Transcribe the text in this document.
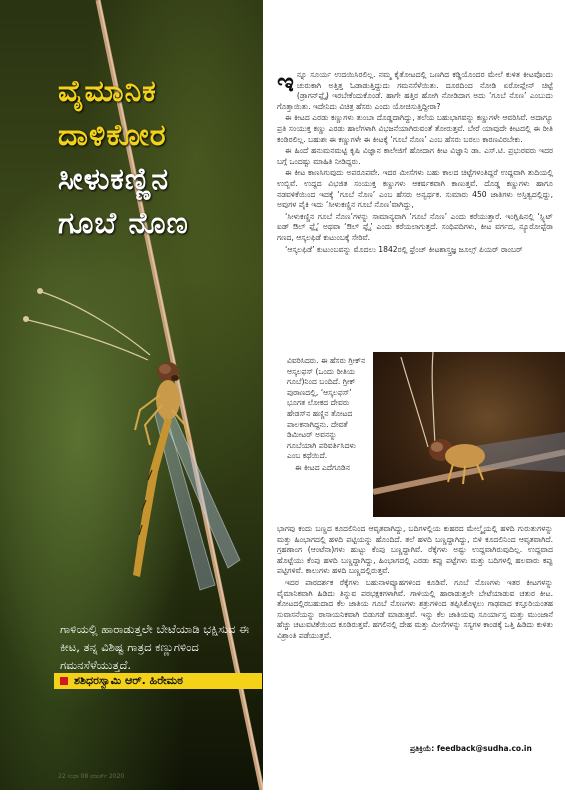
ವೈಮಾನಿಕ
ದಾಳಿಕೋರ
ಸೀಳುಕಣ್ಣಿನ
ಗೂಬೆ ನೊಣ
ಗಾಳಿಯಲ್ಲಿ ಹಾರಾಡುತ್ತಲೇ ಬೇಟೆಯಾಡಿ ಭಕ್ಷಿಸುವ ಈ ಕೀಟ, ತನ್ನ ವಿಶಿಷ್ಟ ಗಾತ್ರದ ಕಣ್ಣುಗಳಿಂದ ಗಮನಸೆಳೆಯುತ್ತದೆ.
ಶಶಿಧರಸ್ವಾಮಿ ಆರ್. ಹಿರೇಮಠ
22 ಸುಧಾ 08 ಮಾರ್ಚ್ 2020

ಇನ್ನೂ ಸೂರ್ಯ ಉದಯಿಸಿರಲಿಲ್ಲ. ನಮ್ಮ ಕೈತೋಟದಲ್ಲಿ ಒಣಗಿದ ಕಡ್ಡಿಯೊಂದರ ಮೇಲೆ ಕುಳಿತ ಕೀಟವೊಂದು ಚುರುಕಾಗಿ ಅತ್ತಿತ್ತ ಓಡಾಡುತ್ತಿದ್ದುದು ಗಮನಸೆಳೆಯಿತು. ದೂರದಿಂದ ನೋಡಿ ಏರೋಪ್ಲೇನ್ ಚಿಟ್ಟೆ (ಡ್ರಾಗನ್‌ಫ್ಲೈ) ಇರಬೇಕೆಂದುಕೊಂಡೆ. ಹಾಗೇ ಹತ್ತಿರ ಹೋಗಿ ನೋಡಿದಾಗ ಅದು ‘ಗೂಬೆ ನೊಣ’ ಎಂಬುದು ಗೊತ್ತಾಯಿತು. ಇದೇನಿದು ವಿಚಿತ್ರ ಹೆಸರು ಎಂದು ಯೋಚಿಸುತ್ತಿದ್ದೀರಾ?

ಈ ಕೀಟದ ಎರಡು ಕಣ್ಣುಗಳು ತುಂಬಾ ದೊಡ್ಡದಾಗಿದ್ದು, ತಲೆಯ ಬಹುಭಾಗವನ್ನು ಕಣ್ಣುಗಳೇ ಆವರಿಸಿವೆ. ಅದಾಗ್ಯೂ ಪ್ರತಿ ಸಂಯುಕ್ತ ಕಣ್ಣು ಎರಡು ಹಾಲೆಗಳಾಗಿ ವಿಭಜನೆಯಾಗಿರುವಂತೆ ತೋರುತ್ತವೆ. ಬೇರೆ ಯಾವುದೇ ಕೀಟದಲ್ಲಿ ಈ ರೀತಿ ಕಂಡಿರಲಿಲ್ಲ. ಬಹುಶಃ ಈ ಕಣ್ಣುಗಳೇ ಈ ಕೀಟಕ್ಕೆ ‘ಗೂಬೆ ನೊಣ’ ಎಂಬ ಹೆಸರು ಬರಲು ಕಾರಣವಿರಬೇಕು.

ಈ ಹಿಂದೆ ಹನುಮನಮಟ್ಟಿ ಕೃಷಿ ವಿಜ್ಞಾನ ಕಾಲೇಜಿಗೆ ಹೋದಾಗ ಕೀಟ ವಿಜ್ಞಾನಿ ಡಾ. ಎಸ್.ಟಿ. ಪ್ರಭುರವರು ಇದರ ಬಗ್ಗೆ ಒಂದಷ್ಟು ಮಾಹಿತಿ ನೀಡಿದ್ದರು.

ಈ ಕೀಟ ಕಾಣಸಿಗುವುದು ಅಪರೂಪವೇ. ಇದರ ಮೀಸೆಗಳು ಬಹು ಕಾಲದ ಚಿಟ್ಟೆಗಳಂತಿದ್ದರೆ ಉದ್ದವಾಗಿ ತುದಿಯಲ್ಲಿ ಉಬ್ಬಿವೆ. ಉದ್ದದ ವಿಭಜಿತ ಸಂಯುಕ್ತ ಕಣ್ಣುಗಳು ಆಕರ್ಷಕವಾಗಿ ಕಾಣುತ್ತವೆ. ದೊಡ್ಡ ಕಣ್ಣುಗಳು ಹಾಗೂ ನಡವಳಿಕೆಯಿಂದ ಇದಕ್ಕೆ ‘ಗೂಬೆ ನೊಣ’ ಎಂಬ ಹೆಸರು ಅನ್ವರ್ಥಕ. ಸುಮಾರು 450 ಜಾತಿಗಳು ಅಸ್ತಿತ್ವದಲ್ಲಿದ್ದು, ಅವುಗಳ ಪೈಕಿ ಇದು ‘ಸೀಳುಕಣ್ಣಿನ ಗೂಬೆ ನೊಣ’ವಾಗಿದ್ದು,

‘ಸೀಳುಕಣ್ಣಿನ ಗೂಬೆ ನೊಣ’ಗಳನ್ನು ಸಾಮಾನ್ಯವಾಗಿ ‘ಗೂಬೆ ನೊಣ’ ಎಂದು ಕರೆಯುತ್ತಾರೆ. ಇಂಗ್ಲಿಷಿನಲ್ಲಿ ‘ಸ್ಪ್ಲಿಟ್ ಐಡ್ ಔಲ್ ಫ್ಲೈ’ ಅಥವಾ ‘ಔಲ್ ಫ್ಲೈ’ ಎಂದು ಕರೆಯಲಾಗುತ್ತದೆ. ಸಂಧಿಪದಿಗಳು, ಕೀಟ ವರ್ಗದ, ನ್ಯೂರೋಪ್ಟೆರಾ ಗಣದ, ಆಸ್ಕಲಫಿಡೆ ಕುಟುಂಬಕ್ಕೆ ಸೇರಿವೆ.

‘ಆಸ್ಕಲಫಿಡೆ’ ಕುಟುಂಬವನ್ನು ಮೊದಲು 1842ರಲ್ಲಿ ಫ್ರೆಂಚ್ ಕೀಟಶಾಸ್ತ್ರಜ್ಞ ಜೂಲ್ಸ್ ಪಿಯರ್ ರಾಂಬರ್

ವಿವರಿಸಿದರು. ಈ ಹೆಸರು ಗ್ರೀಕ್‌ನ ಆಸ್ಕಲಫಸ್ (ಒಂದು ರೀತಿಯ ಗೂಬೆ)ನಿಂದ ಬಂದಿದೆ. ಗ್ರೀಕ್ ಪುರಾಣದಲ್ಲಿ, ‘ಆಸ್ಕಲಫಸ್’ ಭೂಗತ ಲೋಕದ ದೇವರು ಹೇಡಸ್‌ನ ಹಣ್ಣಿನ ತೋಟದ ಪಾಲಕನಾಗಿದ್ದನು. ದೇವತೆ ಡಿಮೀಟರ್ ಅವನನ್ನು ಗೂಬೆಯಾಗಿ ಪರಿವರ್ತಿಸಿದಳು ಎಂಬ ಕಥೆಯಿದೆ.

ಈ ಕೀಟದ ಎದೆಗೂಡಿನ

ಭಾಗವು ಕಂದು ಬಣ್ಣದ ಕೂದಲಿನಿಂದ ಆವೃತವಾಗಿದ್ದು, ಬದಿಗಳಲ್ಲಿಯ ಕುಹರದ ಮೇಲ್ಮೈಯಲ್ಲಿ ಹಳದಿ ಗುರುತುಗಳನ್ನು ಮತ್ತು ಹಿಂಭಾಗದಲ್ಲಿ ಹಳದಿ ಪಟ್ಟಿಯನ್ನು ಹೊಂದಿದೆ. ತಲೆ ಹಳದಿ ಬಣ್ಣದ್ದಾಗಿದ್ದು, ಬಿಳಿ ಕೂದಲಿನಿಂದ ಆವೃತವಾಗಿದೆ. ಗ್ರಹಣಾಂಗ (ಆಂಟೆನಾ)ಗಳು ಹುಟ್ಟು ಕೆಂಪು ಬಣ್ಣದ್ದಾಗಿವೆ. ರೆಕ್ಕೆಗಳು ಅಷ್ಟು ಉದ್ದವಾಗಿರುವುದಿಲ್ಲ. ಉದ್ದವಾದ ಹೊಟ್ಟೆಯು ಕೆಂಪು ಹಳದಿ ಬಣ್ಣದ್ದಾಗಿದ್ದು, ಹಿಂಭಾಗದಲ್ಲಿ ಎರಡು ಕಪ್ಪು ಪಟ್ಟೆಗಳು ಮತ್ತು ಬದಿಗಳಲ್ಲಿ ಹಲವಾರು ಕಪ್ಪು ಪಟ್ಟಿಗಳಿವೆ. ಕಾಲುಗಳು ಹಳದಿ ಬಣ್ಣದಲ್ಲಿರುತ್ತವೆ.

ಇದರ ಪಾರದರ್ಶಕ ರೆಕ್ಕೆಗಳು ಬಹುನಾಳವ್ಯೂಹಗಳಿಂದ ಕೂಡಿವೆ. ಗೂಬೆ ನೊಣಗಳು ಇತರ ಕೀಟಗಳನ್ನು ವೈಮಾನಿಕವಾಗಿ ಹಿಡಿದು ತಿನ್ನುವ ಪರಭಕ್ಷಕಗಳಾಗಿವೆ. ಗಾಳಿಯಲ್ಲಿ ಹಾರಾಡುತ್ತಲೇ ಬೇಟೆಯಾಡುವ ಚತುರ ಕೀಟ. ತೋಟದಲ್ಲಿರಬಹುದಾದ ಕೆಲ ಜಾತಿಯ ಗೂಬೆ ನೊಣಗಳು ಶತ್ರುಗಳಿಂದ ತಪ್ಪಿಸಿಕೊಳ್ಳಲು ಗಾಢವಾದ ಕಸ್ತೂರಿಯಂತಹ ಸುವಾಸನೆಯನ್ನು ರಾಸಾಯನಿಕವಾಗಿ ಬಿಡುಗಡೆ ಮಾಡುತ್ತವೆ. ಇನ್ನು ಕೆಲ ಜಾತಿಯವು ಸೂರ್ಯಾಸ್ತ ಮತ್ತು ಮುಂಜಾನೆ ಹೆಚ್ಚು ಚಟುವಟಿಕೆಯಿಂದ ಕೂಡಿರುತ್ತವೆ. ಹಗಲಿನಲ್ಲಿ ದೇಹ ಮತ್ತು ಮೀಸೆಗಳನ್ನು ಸಸ್ಯಗಳ ಕಾಂಡಕ್ಕೆ ಒತ್ತಿ ಹಿಡಿದು ಕುಳಿತು ವಿಶ್ರಾಂತಿ ಪಡೆಯುತ್ತವೆ.

ಪ್ರತಿಕ್ರಿಯೆ: feedback@sudha.co.in
